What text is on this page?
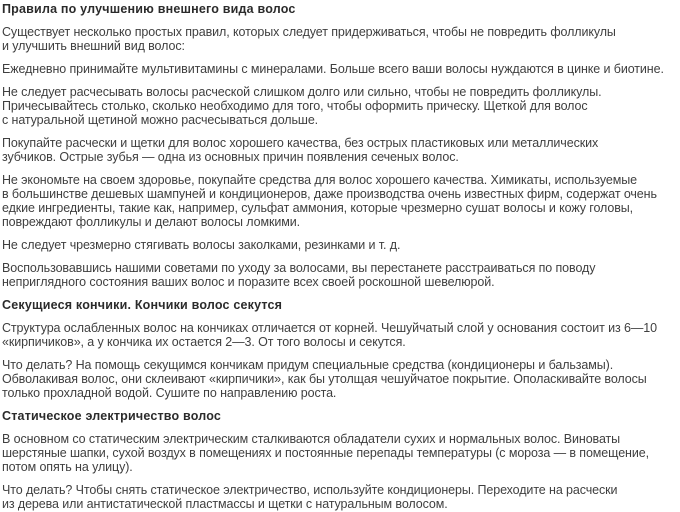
Правила по улучшению внешнего вида волос
Существует несколько простых правил, которых следует придерживаться, чтобы не повредить фолликулы
и улучшить внешний вид волос:
Ежедневно принимайте мультивитамины с минералами. Больше всего ваши волосы нуждаются в цинке и биотине.
Не следует расчесывать волосы расческой слишком долго или сильно, чтобы не повредить фолликулы.
Причесывайтесь столько, сколько необходимо для того, чтобы оформить прическу. Щеткой для волос
с натуральной щетиной можно расчесываться дольше.
Покупайте расчески и щетки для волос хорошего качества, без острых пластиковых или металлических
зубчиков. Острые зубья — одна из основных причин появления сеченых волос.
Не экономьте на своем здоровье, покупайте средства для волос хорошего качества. Химикаты, используемые
в большинстве дешевых шампуней и кондиционеров, даже производства очень известных фирм, содержат очень
едкие ингредиенты, такие как, например, сульфат аммония, которые чрезмерно сушат волосы и кожу головы,
повреждают фолликулы и делают волосы ломкими.
Не следует чрезмерно стягивать волосы заколками, резинками и т. д.
Воспользовавшись нашими советами по уходу за волосами, вы перестанете расстраиваться по поводу
неприглядного состояния ваших волос и поразите всех своей роскошной шевелюрой.
Секущиеся кончики. Кончики волос секутся
Структура ослабленных волос на кончиках отличается от корней. Чешуйчатый слой у основания состоит из 6—10
«кирпичиков», а у кончика их остается 2—3. От того волосы и секутся.
Что делать? На помощь секущимся кончикам придум специальные средства (кондиционеры и бальзамы).
Обволакивая волос, они склеивают «кирпичики», как бы утолщая чешуйчатое покрытие. Ополаскивайте волосы
только прохладной водой. Сушите по направлению роста.
Статическое электричество волос
В основном со статическим электрическим сталкиваются обладатели сухих и нормальных волос. Виноваты
шерстяные шапки, сухой воздух в помещениях и постоянные перепады температуры (с мороза — в помещение,
потом опять на улицу).
Что делать? Чтобы снять статическое электричество, используйте кондиционеры. Переходите на расчески
из дерева или антистатической пластмассы и щетки с натуральным волосом.
